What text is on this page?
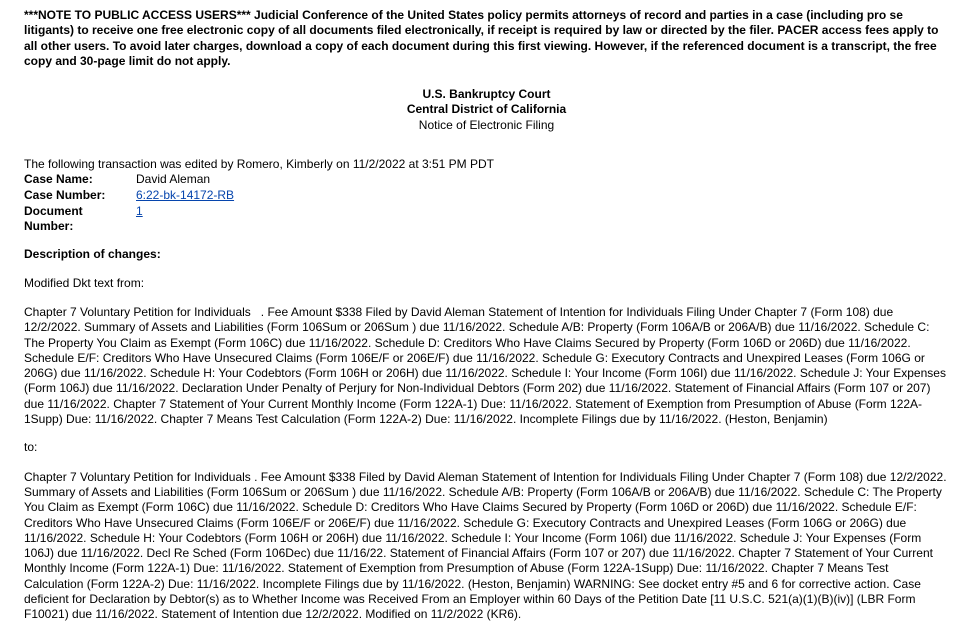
***NOTE TO PUBLIC ACCESS USERS*** Judicial Conference of the United States policy permits attorneys of record and parties in a case (including pro se litigants) to receive one free electronic copy of all documents filed electronically, if receipt is required by law or directed by the filer. PACER access fees apply to all other users. To avoid later charges, download a copy of each document during this first viewing. However, if the referenced document is a transcript, the free copy and 30-page limit do not apply.

U.S. Bankruptcy Court
Central District of California
Notice of Electronic Filing
The following transaction was edited by Romero, Kimberly on 11/2/2022 at 3:51 PM PDT
Case Name:	David Aleman
Case Number:	6:22-bk-14172-RB
Document Number:	1
Description of changes:
Modified Dkt text from:
Chapter 7 Voluntary Petition for Individuals   . Fee Amount $338 Filed by David Aleman Statement of Intention for Individuals Filing Under Chapter 7 (Form 108) due 12/2/2022. Summary of Assets and Liabilities (Form 106Sum or 206Sum ) due 11/16/2022. Schedule A/B: Property (Form 106A/B or 206A/B) due 11/16/2022. Schedule C: The Property You Claim as Exempt (Form 106C) due 11/16/2022. Schedule D: Creditors Who Have Claims Secured by Property (Form 106D or 206D) due 11/16/2022. Schedule E/F: Creditors Who Have Unsecured Claims (Form 106E/F or 206E/F) due 11/16/2022. Schedule G: Executory Contracts and Unexpired Leases (Form 106G or 206G) due 11/16/2022. Schedule H: Your Codebtors (Form 106H or 206H) due 11/16/2022. Schedule I: Your Income (Form 106I) due 11/16/2022. Schedule J: Your Expenses (Form 106J) due 11/16/2022. Declaration Under Penalty of Perjury for Non-Individual Debtors (Form 202) due 11/16/2022. Statement of Financial Affairs (Form 107 or 207) due 11/16/2022. Chapter 7 Statement of Your Current Monthly Income (Form 122A-1) Due: 11/16/2022. Statement of Exemption from Presumption of Abuse (Form 122A-1Supp) Due: 11/16/2022. Chapter 7 Means Test Calculation (Form 122A-2) Due: 11/16/2022. Incomplete Filings due by 11/16/2022. (Heston, Benjamin)
to:
Chapter 7 Voluntary Petition for Individuals . Fee Amount $338 Filed by David Aleman Statement of Intention for Individuals Filing Under Chapter 7 (Form 108) due 12/2/2022. Summary of Assets and Liabilities (Form 106Sum or 206Sum ) due 11/16/2022. Schedule A/B: Property (Form 106A/B or 206A/B) due 11/16/2022. Schedule C: The Property You Claim as Exempt (Form 106C) due 11/16/2022. Schedule D: Creditors Who Have Claims Secured by Property (Form 106D or 206D) due 11/16/2022. Schedule E/F: Creditors Who Have Unsecured Claims (Form 106E/F or 206E/F) due 11/16/2022. Schedule G: Executory Contracts and Unexpired Leases (Form 106G or 206G) due 11/16/2022. Schedule H: Your Codebtors (Form 106H or 206H) due 11/16/2022. Schedule I: Your Income (Form 106I) due 11/16/2022. Schedule J: Your Expenses (Form 106J) due 11/16/2022. Decl Re Sched (Form 106Dec) due 11/16/22. Statement of Financial Affairs (Form 107 or 207) due 11/16/2022. Chapter 7 Statement of Your Current Monthly Income (Form 122A-1) Due: 11/16/2022. Statement of Exemption from Presumption of Abuse (Form 122A-1Supp) Due: 11/16/2022. Chapter 7 Means Test Calculation (Form 122A-2) Due: 11/16/2022. Incomplete Filings due by 11/16/2022. (Heston, Benjamin) WARNING: See docket entry #5 and 6 for corrective action. Case deficient for Declaration by Debtor(s) as to Whether Income was Received From an Employer within 60 Days of the Petition Date [11 U.S.C. 521(a)(1)(B)(iv)] (LBR Form F10021) due 11/16/2022. Statement of Intention due 12/2/2022. Modified on 11/2/2022 (KR6).
